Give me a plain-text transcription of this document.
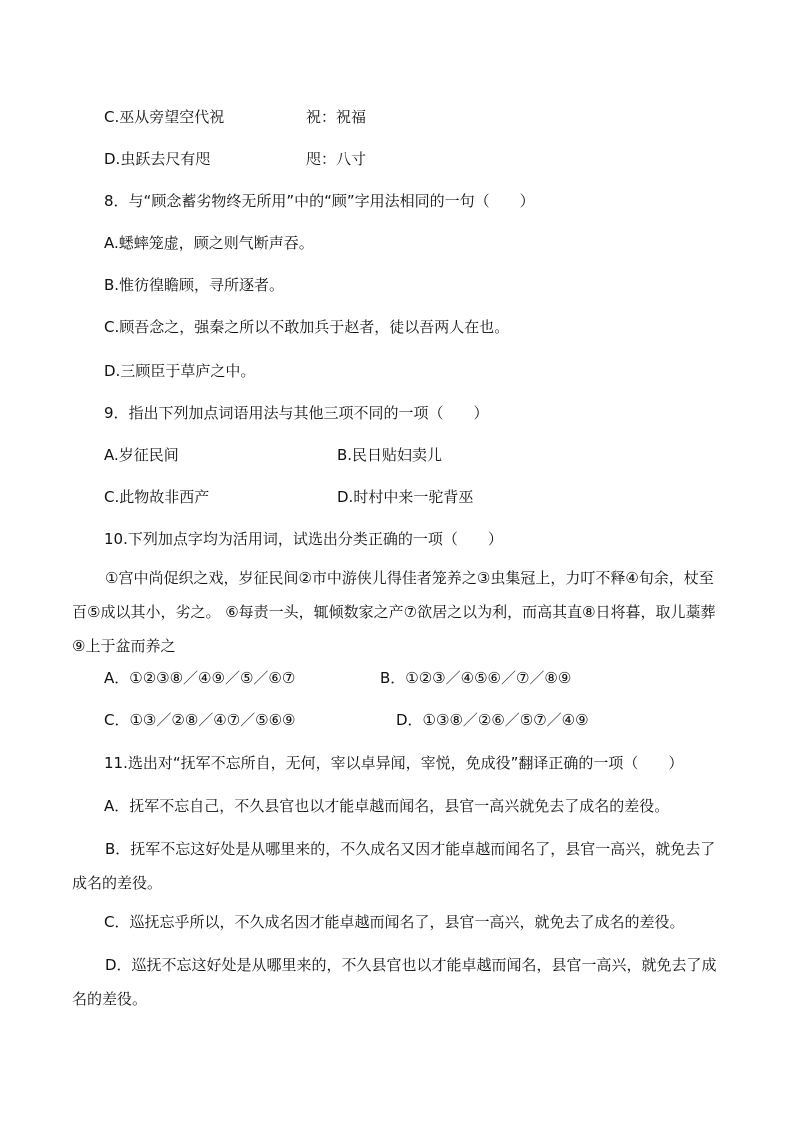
C.巫从旁望空代祝	祝：祝福
D.虫跃去尺有咫	咫：八寸
8．与“顾念蓄劣物终无所用”中的“顾”字用法相同的一句（　　）
A.蟋蟀笼虚，顾之则气断声吞。
B.惟彷徨瞻顾，寻所逐者。
C.顾吾念之，强秦之所以不敢加兵于赵者，徒以吾两人在也。
D.三顾臣于草庐之中。
9．指出下列加点词语用法与其他三项不同的一项（　　）
A.岁征民间	B.民日贴妇卖儿
C.此物故非西产	D.时村中来一驼背巫
10.下列加点字均为活用词，试选出分类正确的一项（　　）
①宫中尚促织之戏，岁征民间②市中游侠儿得佳者笼养之③虫集冠上，力叮不释④旬余，杖至百⑤成以其小，劣之。 ⑥每责一头，辄倾数家之产⑦欲居之以为利，而高其直⑧日将暮，取儿藁葬　⑨上于盆而养之
A．①②③⑧／④⑨／⑤／⑥⑦	B．①②③／④⑤⑥／⑦／⑧⑨
C．①③／②⑧／④⑦／⑤⑥⑨	D．①③⑧／②⑥／⑤⑦／④⑨
11.选出对“抚军不忘所自，无何，宰以卓异闻，宰悦，免成役”翻译正确的一项（　　）
A．抚军不忘自己，不久县官也以才能卓越而闻名，县官一高兴就免去了成名的差役。
B．抚军不忘这好处是从哪里来的，不久成名又因才能卓越而闻名了，县官一高兴，就免去了成名的差役。
C．巡抚忘乎所以，不久成名因才能卓越而闻名了，县官一高兴，就免去了成名的差役。
D．巡抚不忘这好处是从哪里来的，不久县官也以才能卓越而闻名，县官一高兴，就免去了成名的差役。
